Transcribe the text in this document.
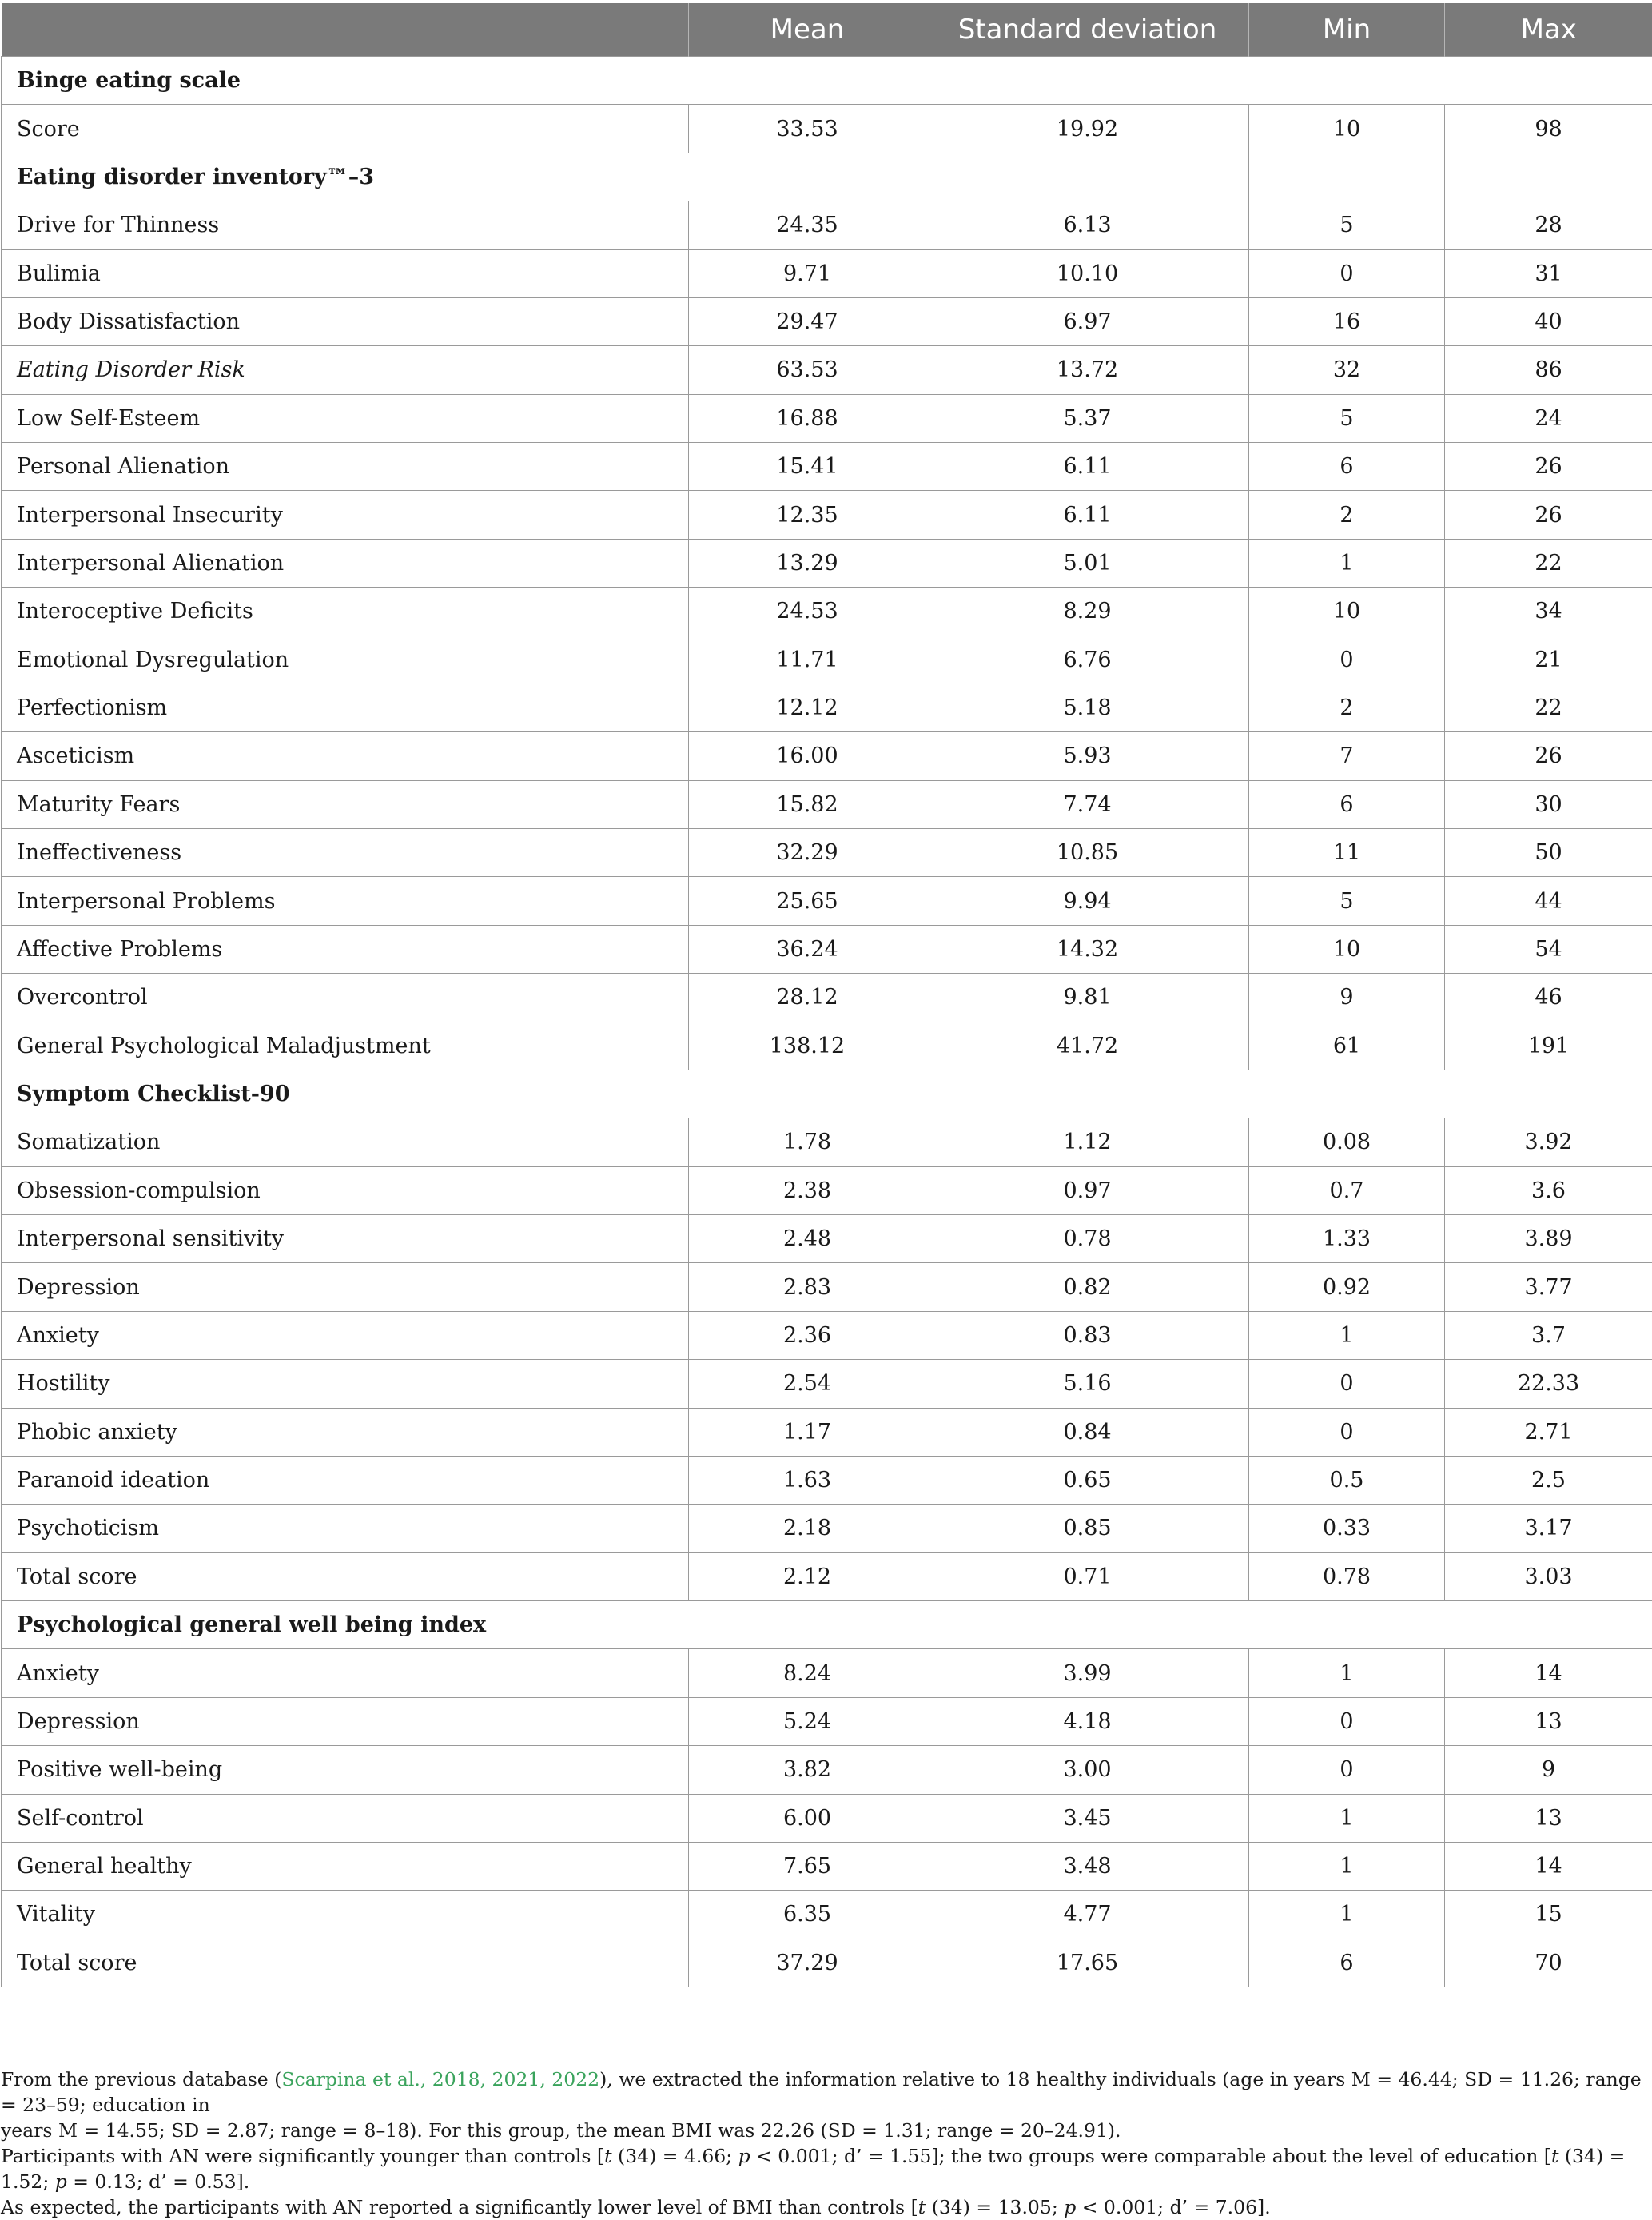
	Mean	Standard deviation	Min	Max
Binge eating scale				
Score	33.53	19.92	10	98
Eating disorder inventory™–3				
Drive for Thinness	24.35	6.13	5	28
Bulimia	9.71	10.10	0	31
Body Dissatisfaction	29.47	6.97	16	40
Eating Disorder Risk	63.53	13.72	32	86
Low Self-Esteem	16.88	5.37	5	24
Personal Alienation	15.41	6.11	6	26
Interpersonal Insecurity	12.35	6.11	2	26
Interpersonal Alienation	13.29	5.01	1	22
Interoceptive Deficits	24.53	8.29	10	34
Emotional Dysregulation	11.71	6.76	0	21
Perfectionism	12.12	5.18	2	22
Asceticism	16.00	5.93	7	26
Maturity Fears	15.82	7.74	6	30
Ineffectiveness	32.29	10.85	11	50
Interpersonal Problems	25.65	9.94	5	44
Affective Problems	36.24	14.32	10	54
Overcontrol	28.12	9.81	9	46
General Psychological Maladjustment	138.12	41.72	61	191
Symptom Checklist-90				
Somatization	1.78	1.12	0.08	3.92
Obsession-compulsion	2.38	0.97	0.7	3.6
Interpersonal sensitivity	2.48	0.78	1.33	3.89
Depression	2.83	0.82	0.92	3.77
Anxiety	2.36	0.83	1	3.7
Hostility	2.54	5.16	0	22.33
Phobic anxiety	1.17	0.84	0	2.71
Paranoid ideation	1.63	0.65	0.5	2.5
Psychoticism	2.18	0.85	0.33	3.17
Total score	2.12	0.71	0.78	3.03
Psychological general well being index				
Anxiety	8.24	3.99	1	14
Depression	5.24	4.18	0	13
Positive well-being	3.82	3.00	0	9
Self-control	6.00	3.45	1	13
General healthy	7.65	3.48	1	14
Vitality	6.35	4.77	1	15
Total score	37.29	17.65	6	70

From the previous database (Scarpina et al., 2018, 2021, 2022), we extracted the information relative to 18 healthy individuals (age in years M = 46.44; SD = 11.26; range = 23–59; education in

years M = 14.55; SD = 2.87; range = 8–18). For this group, the mean BMI was 22.26 (SD = 1.31; range = 20–24.91).

Participants with AN were significantly younger than controls [t (34) = 4.66; p < 0.001; d’ = 1.55]; the two groups were comparable about the level of education [t (34) = 1.52; p = 0.13; d’ = 0.53].

As expected, the participants with AN reported a significantly lower level of BMI than controls [t (34) = 13.05; p < 0.001; d’ = 7.06].
